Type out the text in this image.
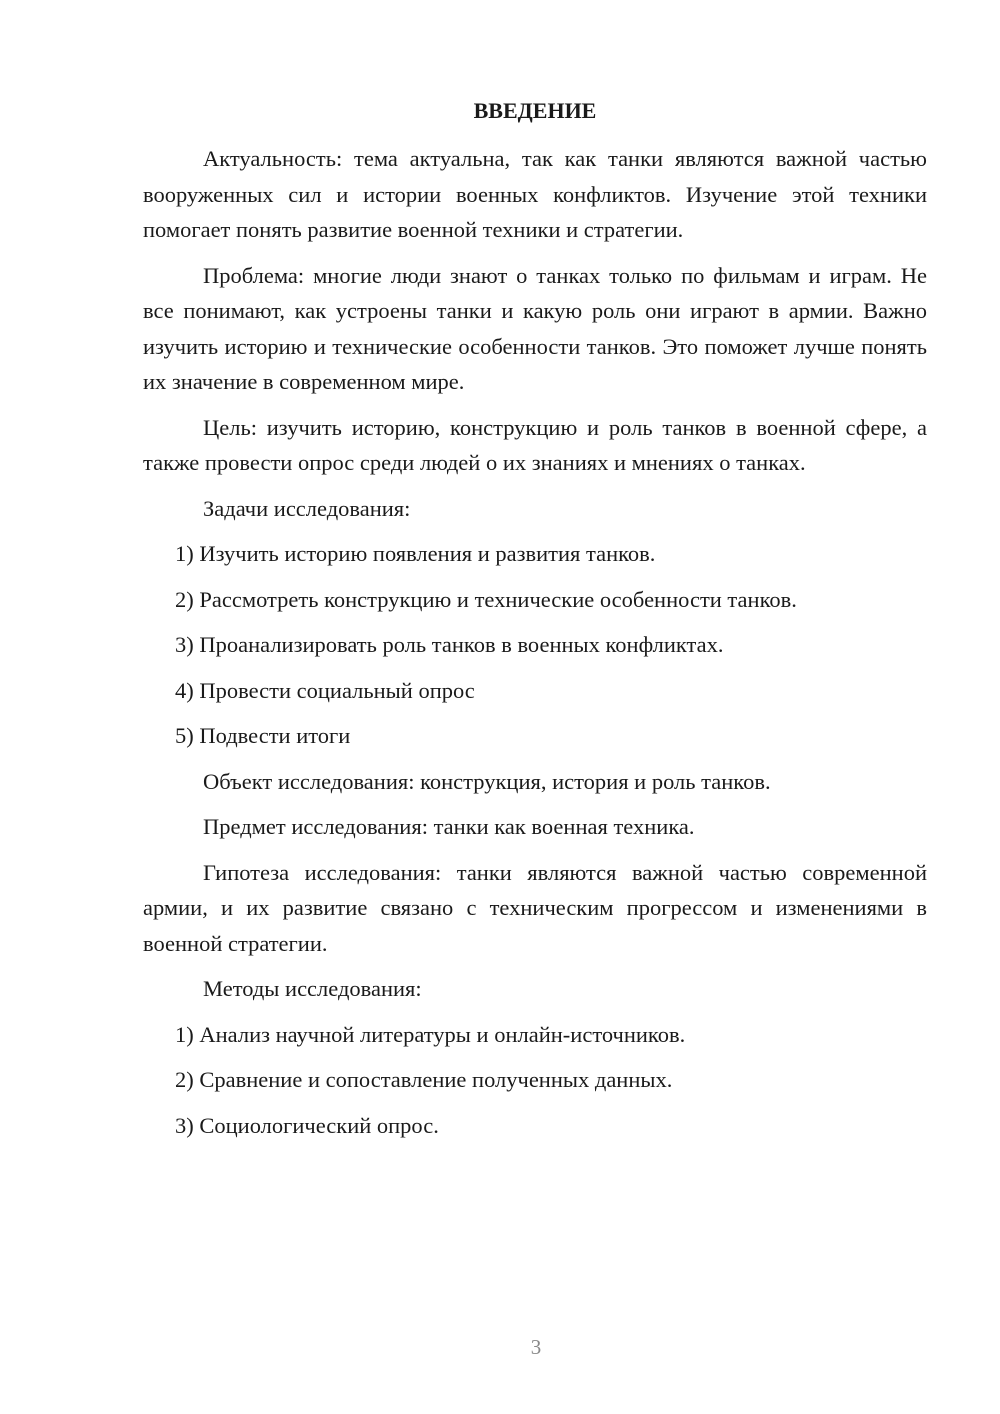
ВВЕДЕНИЕ

Актуальность: тема актуальна, так как танки являются важной частью вооруженных сил и истории военных конфликтов. Изучение этой техники помогает понять развитие военной техники и стратегии.

Проблема: многие люди знают о танках только по фильмам и играм. Не все понимают, как устроены танки и какую роль они играют в армии. Важно изучить историю и технические особенности танков. Это поможет лучше понять их значение в современном мире.

Цель: изучить историю, конструкцию и роль танков в военной сфере, а также провести опрос среди людей о их знаниях и мнениях о танках.

Задачи исследования:

1) Изучить историю появления и развития танков.

2) Рассмотреть конструкцию и технические особенности танков.

3) Проанализировать роль танков в военных конфликтах.

4) Провести социальный опрос

5) Подвести итоги

Объект исследования: конструкция, история и роль танков.

Предмет исследования: танки как военная техника.

Гипотеза исследования: танки являются важной частью современной армии, и их развитие связано с техническим прогрессом и изменениями в военной стратегии.

Методы исследования:

1) Анализ научной литературы и онлайн-источников.

2) Сравнение и сопоставление полученных данных.

3) Социологический опрос.

3
